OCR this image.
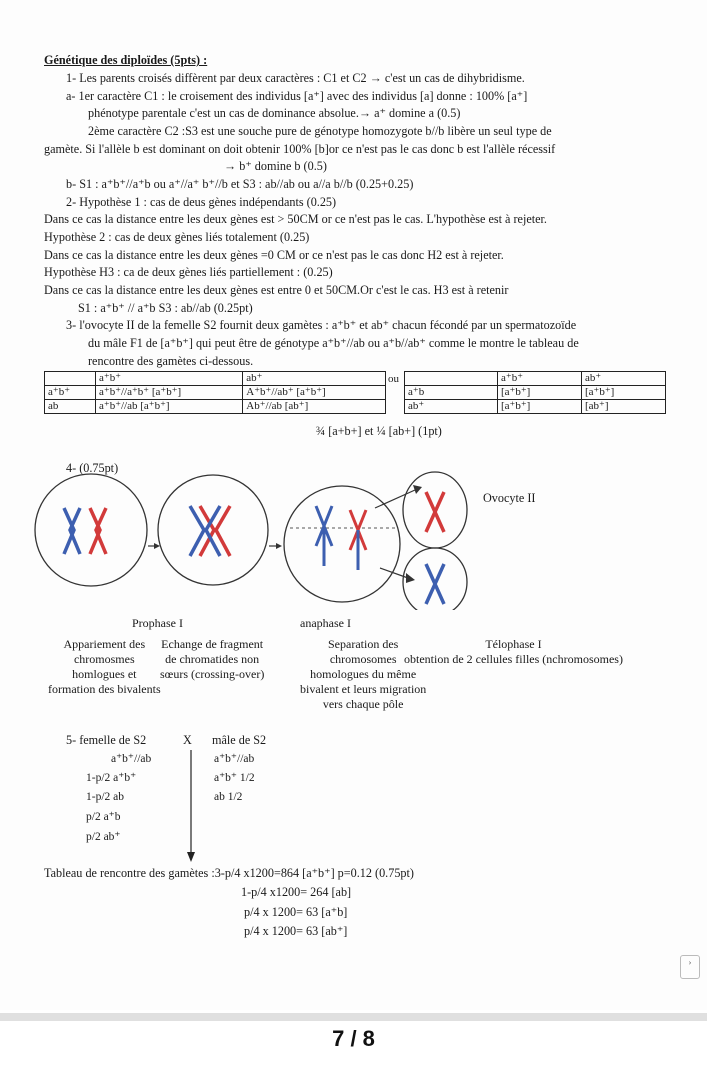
Génétique des diploïdes (5pts) :
1- Les parents croisés diffèrent par deux caractères : C1 et C2 → c'est un cas de dihybridisme.
a- 1er caractère C1 : le croisement des individus [a⁺] avec des individus [a] donne : 100% [a⁺]
phénotype parentale c'est un cas de dominance absolue.→ a⁺ domine a (0.5)
2ème caractère C2 :S3 est une souche pure de génotype homozygote b//b libère un seul type de
gamète. Si l'allèle b est dominant on doit obtenir 100% [b]or ce n'est pas le cas donc b est l'allèle récessif
→ b⁺ domine b (0.5)
b- S1 : a⁺b⁺//a⁺b ou a⁺//a⁺ b⁺//b et S3 : ab//ab ou a//a b//b (0.25+0.25)
2- Hypothèse 1 : cas de deus gènes indépendants (0.25)
Dans ce cas la distance entre les deux gènes est > 50CM or ce n'est pas le cas. L'hypothèse est à rejeter.
Hypothèse 2 : cas de deux gènes liés totalement (0.25)
Dans ce cas la distance entre les deux gènes =0 CM or ce n'est pas le cas donc H2 est à rejeter.
Hypothèse H3 : ca de deux gènes liés partiellement : (0.25)
Dans ce cas la distance entre les deux gènes est entre 0 et 50CM.Or c'est le cas. H3 est à retenir
S1 : a⁺b⁺ // a⁺b S3 : ab//ab (0.25pt)
3- l'ovocyte II de la femelle S2 fournit deux gamètes : a⁺b⁺ et ab⁺ chacun fécondé par un spermatozoïde
du mâle F1 de [a⁺b⁺] qui peut être de génotype a⁺b⁺//ab ou a⁺b//ab⁺ comme le montre le tableau de
rencontre des gamètes ci-dessous.
	a⁺b⁺	ab⁺
a⁺b⁺	a⁺b⁺//a⁺b⁺ [a⁺b⁺]	A⁺b⁺//ab⁺ [a⁺b⁺]
ab	a⁺b⁺//ab [a⁺b⁺]	Ab⁺//ab [ab⁺]
ou
		a⁺b⁺	ab⁺
a⁺b	[a⁺b⁺]	[a⁺b⁺]
ab⁺	[a⁺b⁺]	[ab⁺]
¾ [a+b+] et ¼ [ab+] (1pt)
4- (0.75pt)
Ovocyte II
Prophase I	anaphase I
Appariement des
chromosmes
homlogues et
formation des bivalents
Echange de fragment
de chromatides non
sœurs (crossing-over)
Separation des
chromosomes
homologues du même
bivalent et leurs migration
vers chaque pôle
Télophase I
obtention de 2 cellules filles (nchromosomes)
5- femelle de S2	X mâle de S2
a⁺b⁺//ab	a⁺b⁺//ab
1-p/2 a⁺b⁺
1-p/2 ab
p/2 a⁺b
p/2 ab⁺
a⁺b⁺ 1/2
ab 1/2
Tableau de rencontre des gamètes :3-p/4 x1200=864 [a⁺b⁺] p=0.12 (0.75pt)
1-p/4 x1200= 264 [ab]
p/4 x 1200= 63 [a⁺b]
p/4 x 1200= 63 [ab⁺]
›
7 / 8
